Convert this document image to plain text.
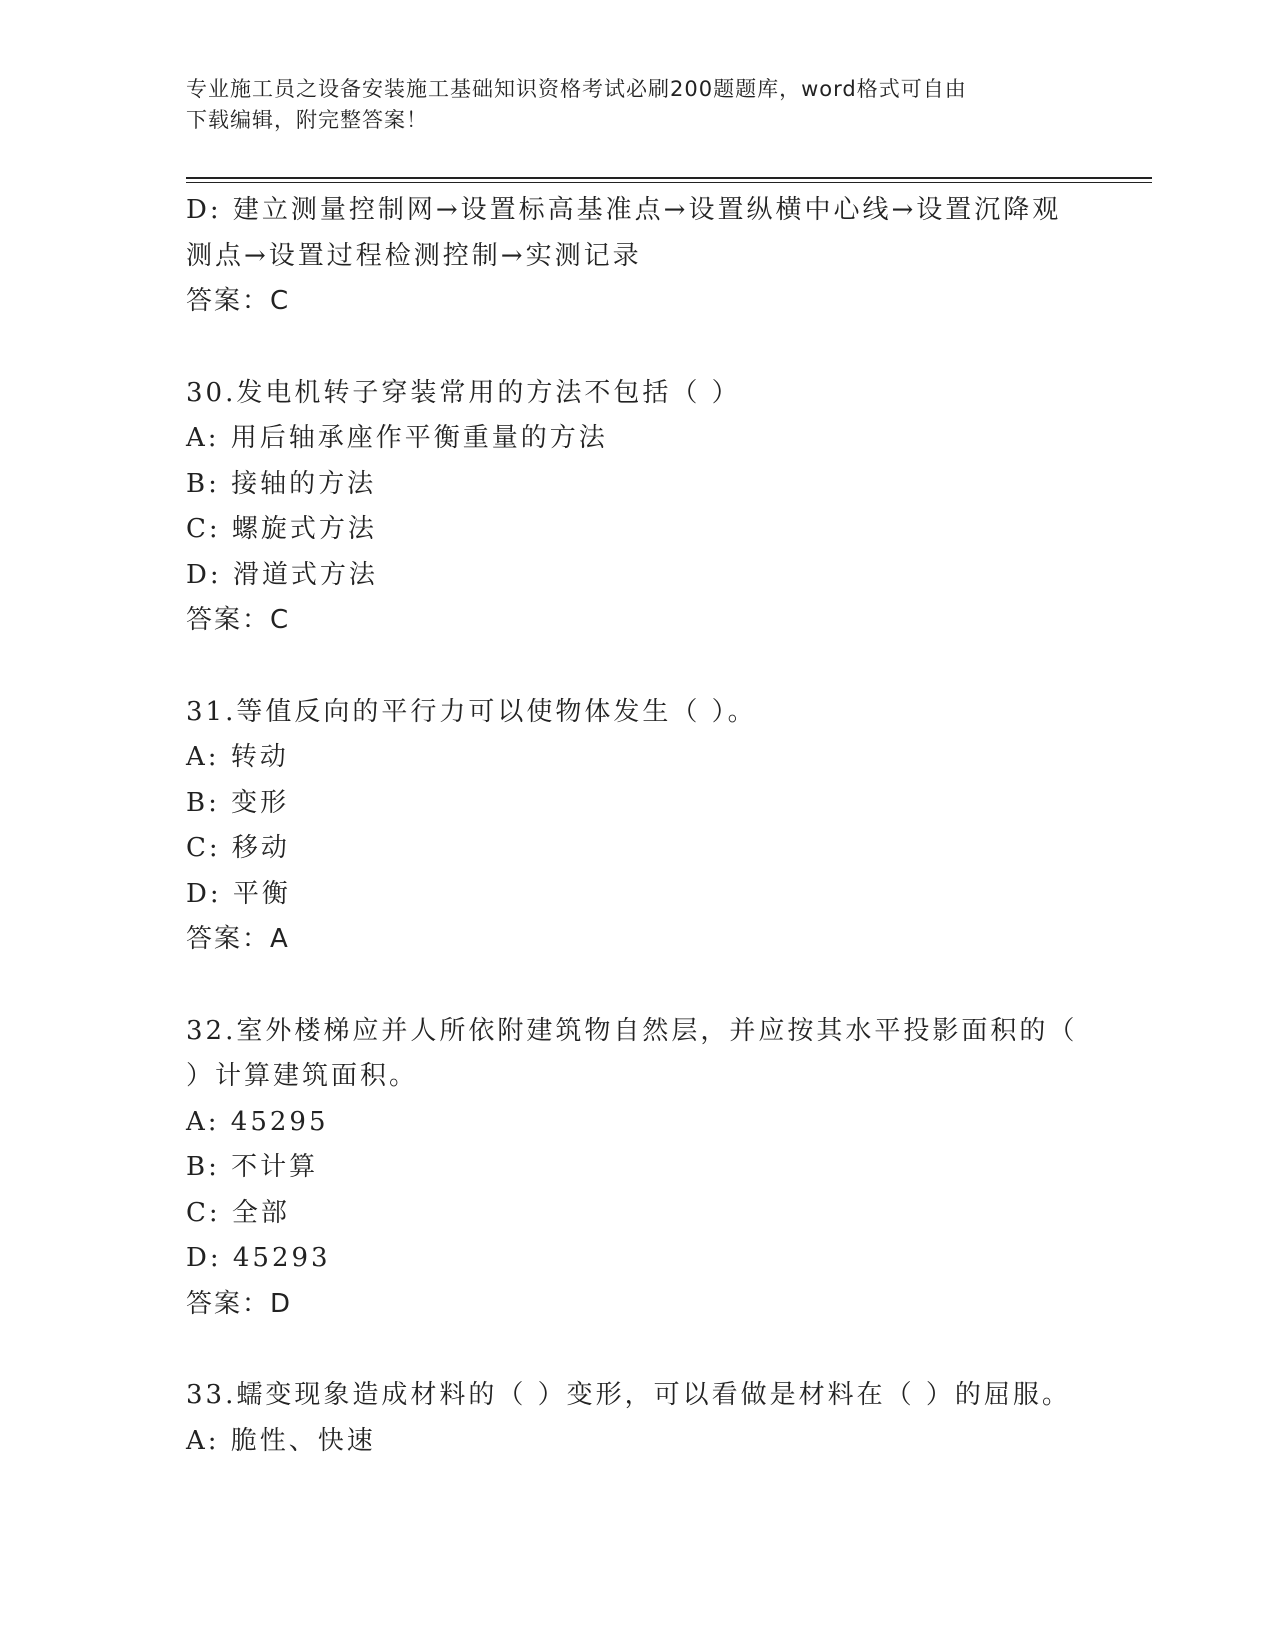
专业施工员之设备安装施工基础知识资格考试必刷200题题库，word格式可自由
下载编辑，附完整答案！
D: 建立测量控制网→设置标高基准点→设置纵横中心线→设置沉降观
测点→设置过程检测控制→实测记录
答案：C
30.发电机转子穿装常用的方法不包括（ ）
A: 用后轴承座作平衡重量的方法
B: 接轴的方法
C: 螺旋式方法
D: 滑道式方法
答案：C
31.等值反向的平行力可以使物体发生（ ）。
A: 转动
B: 变形
C: 移动
D: 平衡
答案：A
32.室外楼梯应并人所依附建筑物自然层，并应按其水平投影面积的（
）计算建筑面积。
A: 45295
B: 不计算
C: 全部
D: 45293
答案：D
33.蠕变现象造成材料的（ ）变形，可以看做是材料在（ ）的屈服。
A: 脆性、快速
